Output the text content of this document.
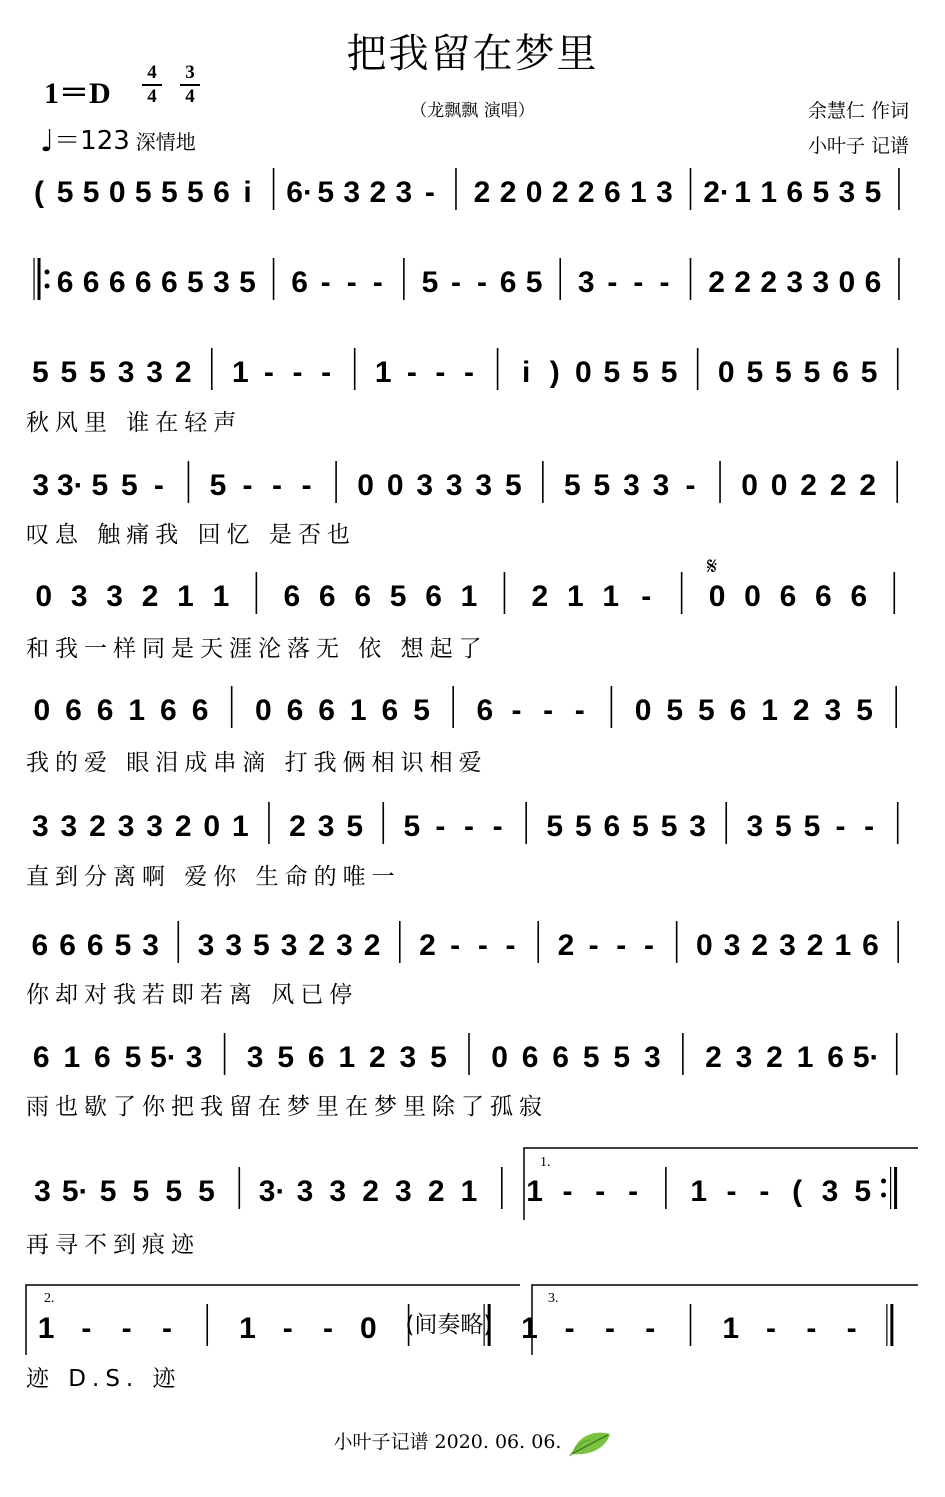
把我留在梦里
（龙飘飘 演唱）
1＝D
4
4
3
4
♩＝123 深情地
余慧仁 作词
小叶子 记谱
( 5 5 0 5 5 5 6 i 6· 5 3 2 3 - 2 2 0 2 2 6 1 3 2· 1 1 6 5 3 5
6 6 6 6 6 5 3 5 6 - - - 5 - - 6 5 3 - - - 2 2 2 3 3 0 6
5 5 5 3 3 2 1 - - - 1 - - - i ) 0 5 5 5 0 5 5 5 6 5
秋风里 谁在轻声
3 3· 5 5 - 5 - - - 0 0 3 3 3 5 5 5 3 3 - 0 0 2 2 2
叹息 触痛我 回忆 是否也
0 3 3 2 1 1 6 6 6 5 6 1 2 1 1 - 0 0 6 6 6
和我一样同是天涯沦落无 依 想起了
0 6 6 1 6 6 0 6 6 1 6 5 6 - - - 0 5 5 6 1 2 3 5
我的爱 眼泪成串滴 打我俩相识相爱
3 3 2 3 3 2 0 1 2 3 5 5 - - - 5 5 6 5 5 3 3 5 5 - -
直到分离啊 爱你 生命的唯一
6 6 6 5 3 3 3 5 3 2 3 2 2 - - - 2 - - - 0 3 2 3 2 1 6
你却对我若即若离 风已停
6 1 6 5 5· 3 3 5 6 1 2 3 5 0 6 6 5 5 3 2 3 2 1 6 5·
雨也歇了你把我留在梦里在梦里除了孤寂
3 5· 5 5 5 5 3· 3 3 2 3 2 1 1 - - - 1 - - ( 3 5
再寻不到痕迹
1 - - - 1 - - 0 (间奏略) 1 - - - 1 - - -
迹 D.S. 迹
1.
2.	3.
𝄋
小叶子记谱 2020. 06. 06.
